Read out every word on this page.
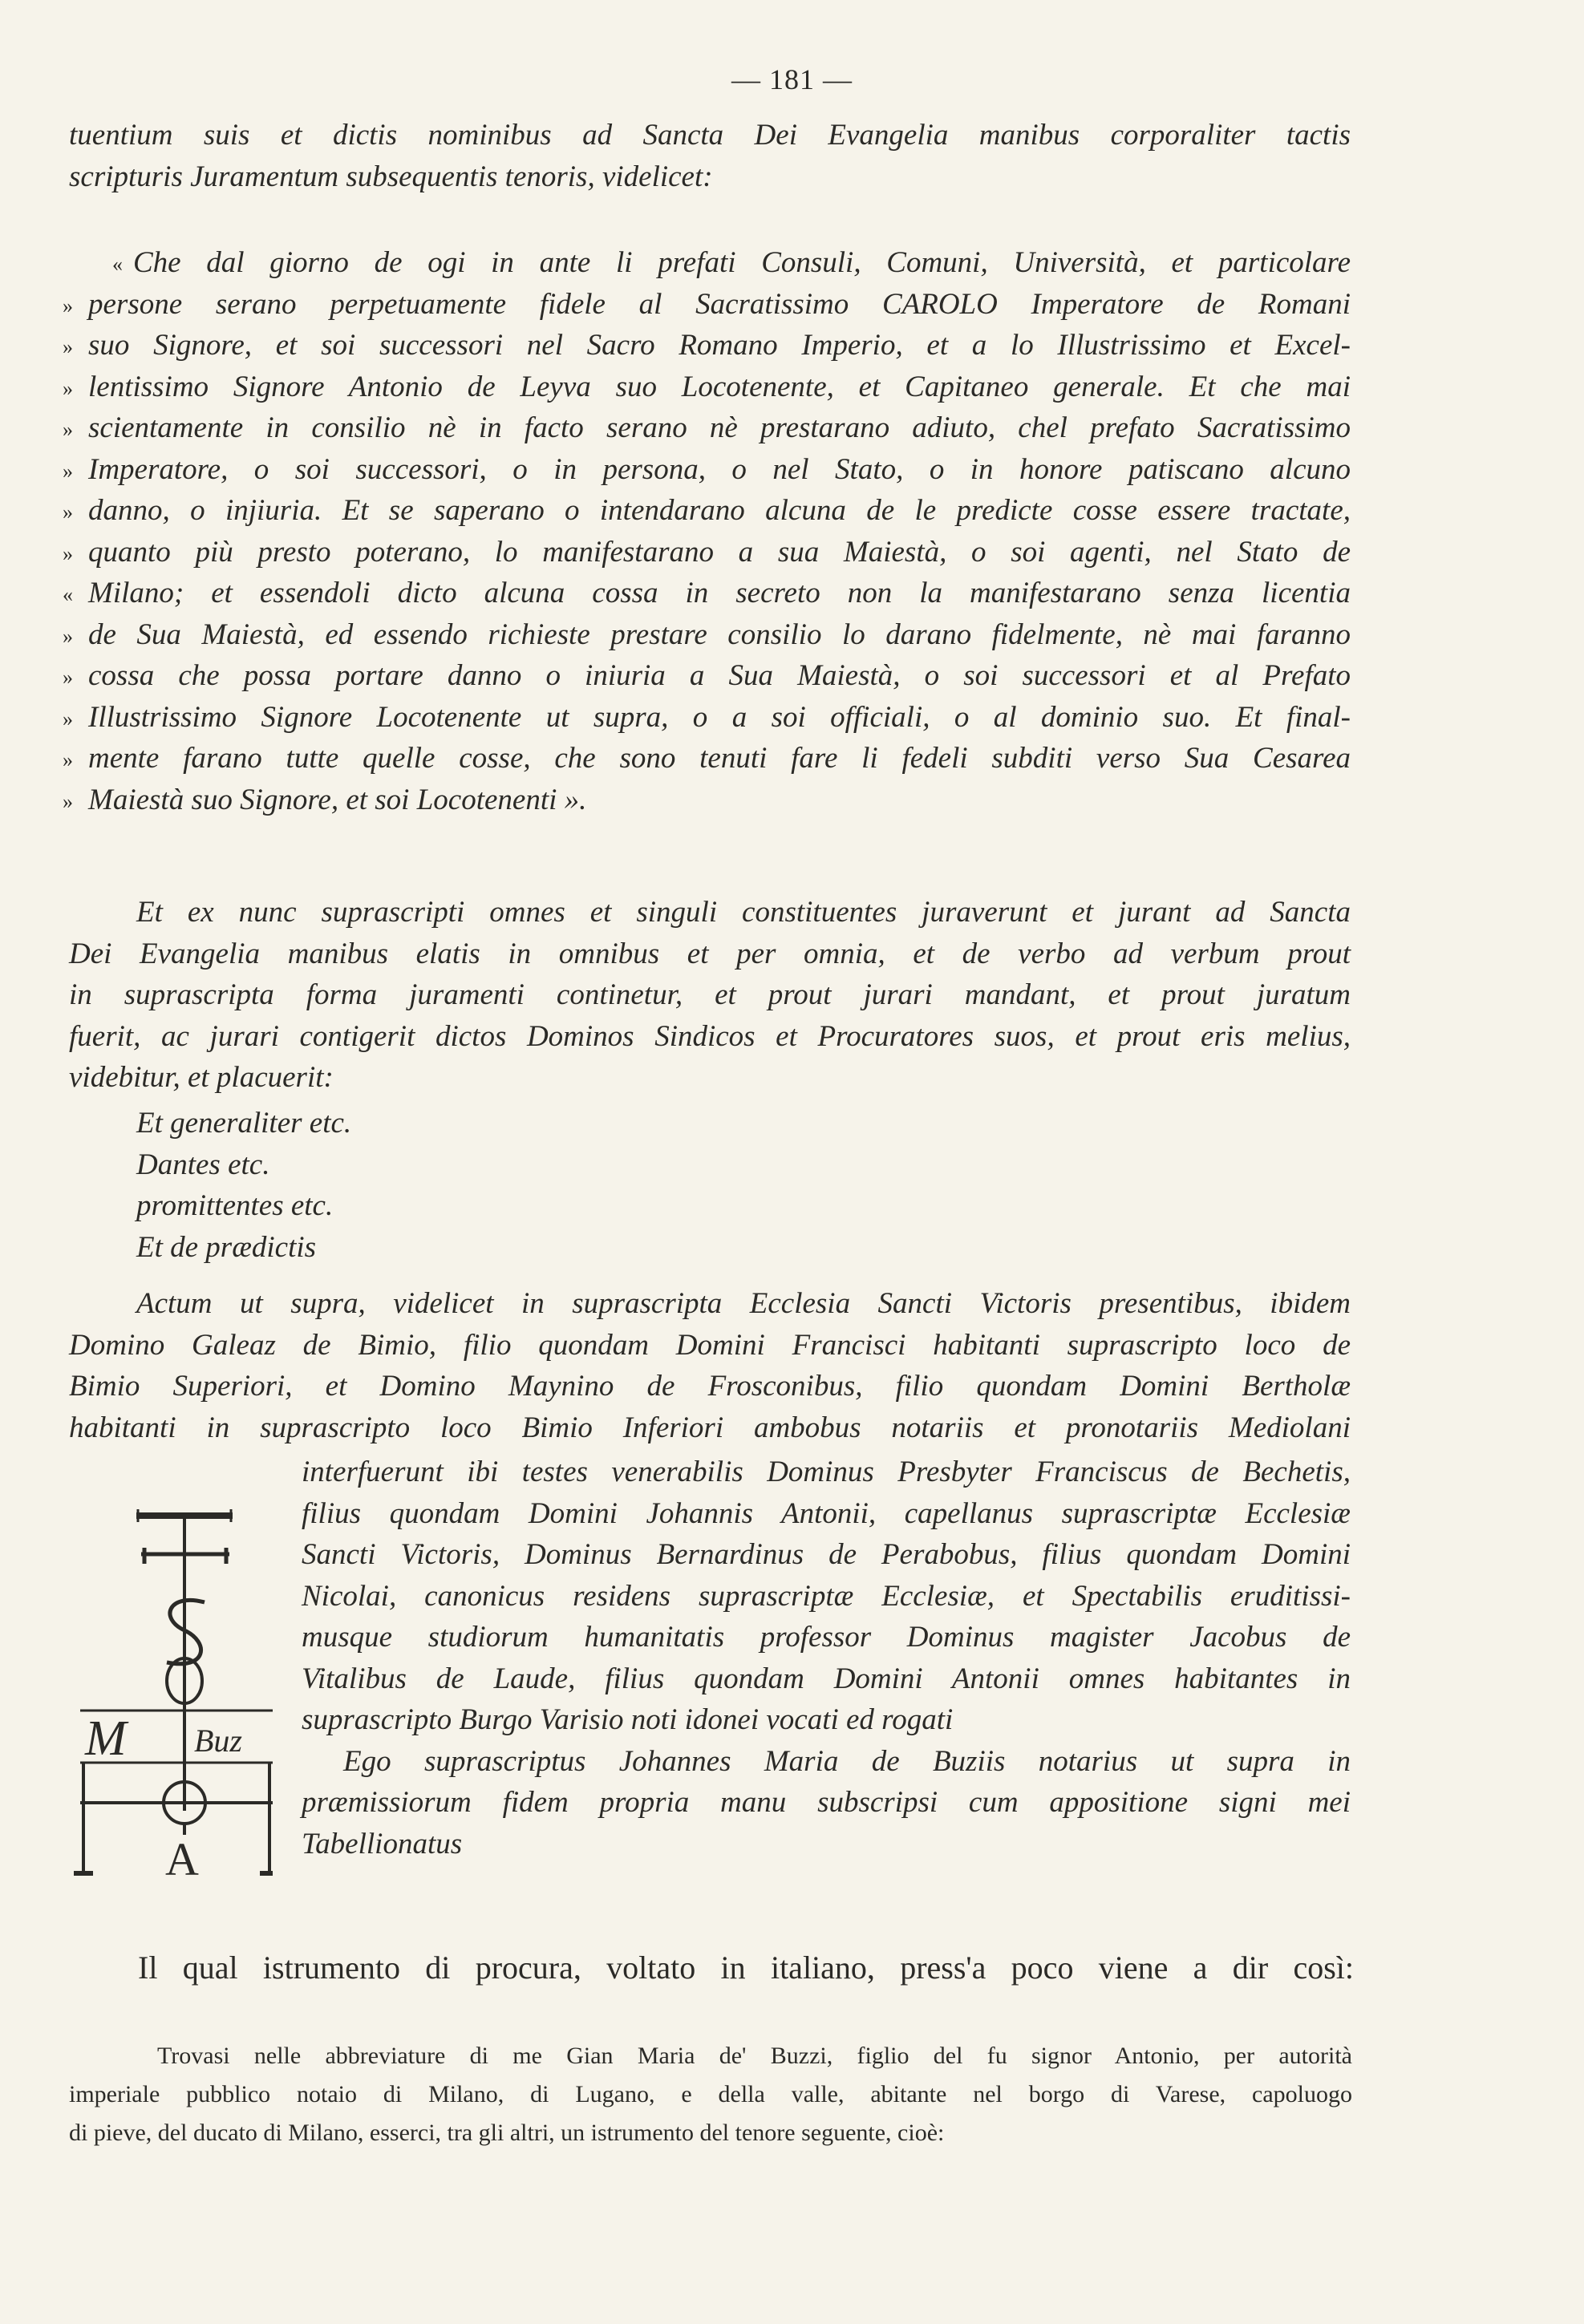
— 181 —
tuentium suis et dictis nominibus ad Sancta Dei Evangelia manibus corporaliter tactis
scripturis Juramentum subsequentis tenoris, videlicet:
« Che dal giorno de ogi in ante li prefati Consuli, Comuni, Università, et particolare
» persone serano perpetuamente fidele al Sacratissimo CAROLO Imperatore de Romani
» suo Signore, et soi successori nel Sacro Romano Imperio, et a lo Illustrissimo et Excel-
» lentissimo Signore Antonio de Leyva suo Locotenente, et Capitaneo generale. Et che mai
» scientamente in consilio nè in facto serano nè prestarano adiuto, chel prefato Sacratissimo
» Imperatore, o soi successori, o in persona, o nel Stato, o in honore patiscano alcuno
» danno, o injiuria. Et se saperano o intendarano alcuna de le predicte cosse essere tractate,
» quanto più presto poterano, lo manifestarano a sua Maiestà, o soi agenti, nel Stato de
« Milano; et essendoli dicto alcuna cossa in secreto non la manifestarano senza licentia
» de Sua Maiestà, ed essendo richieste prestare consilio lo darano fidelmente, nè mai faranno
» cossa che possa portare danno o iniuria a Sua Maiestà, o soi successori et al Prefato
» Illustrissimo Signore Locotenente ut supra, o a soi officiali, o al dominio suo. Et final-
» mente farano tutte quelle cosse, che sono tenuti fare li fedeli subditi verso Sua Cesarea
» Maiestà suo Signore, et soi Locotenenti ».
Et ex nunc suprascripti omnes et singuli constituentes juraverunt et jurant ad Sancta
Dei Evangelia manibus elatis in omnibus et per omnia, et de verbo ad verbum prout
in suprascripta forma juramenti continetur, et prout jurari mandant, et prout juratum
fuerit, ac jurari contigerit dictos Dominos Sindicos et Procuratores suos, et prout eris melius,
videbitur, et placuerit:
Et generaliter etc.
Dantes etc.
promittentes etc.
Et de prædictis
Actum ut supra, videlicet in suprascripta Ecclesia Sancti Victoris presentibus, ibidem
Domino Galeaz de Bimio, filio quondam Domini Francisci habitanti suprascripto loco de
Bimio Superiori, et Domino Maynino de Frosconibus, filio quondam Domini Bertholæ
habitanti in suprascripto loco Bimio Inferiori ambobus notariis et pronotariis Mediolani
interfuerunt ibi testes venerabilis Dominus Presbyter Franciscus de Bechetis,
filius quondam Domini Johannis Antonii, capellanus suprascriptæ Ecclesiæ
Sancti Victoris, Dominus Bernardinus de Perabobus, filius quondam Domini
Nicolai, canonicus residens suprascriptæ Ecclesiæ, et Spectabilis eruditissi-
musque studiorum humanitatis professor Dominus magister Jacobus de
Vitalibus de Laude, filius quondam Domini Antonii omnes habitantes in
suprascripto Burgo Varisio noti idonei vocati ed rogati
Ego suprascriptus Johannes Maria de Buziis notarius ut supra in
præmissiorum fidem propria manu subscripsi cum appositione signi mei
Tabellionatus
M Buz
A
Il qual istrumento di procura, voltato in italiano, press'a poco viene a dir così:
Trovasi nelle abbreviature di me Gian Maria de' Buzzi, figlio del fu signor Antonio, per autorità
imperiale pubblico notaio di Milano, di Lugano, e della valle, abitante nel borgo di Varese, capoluogo
di pieve, del ducato di Milano, esserci, tra gli altri, un istrumento del tenore seguente, cioè:
